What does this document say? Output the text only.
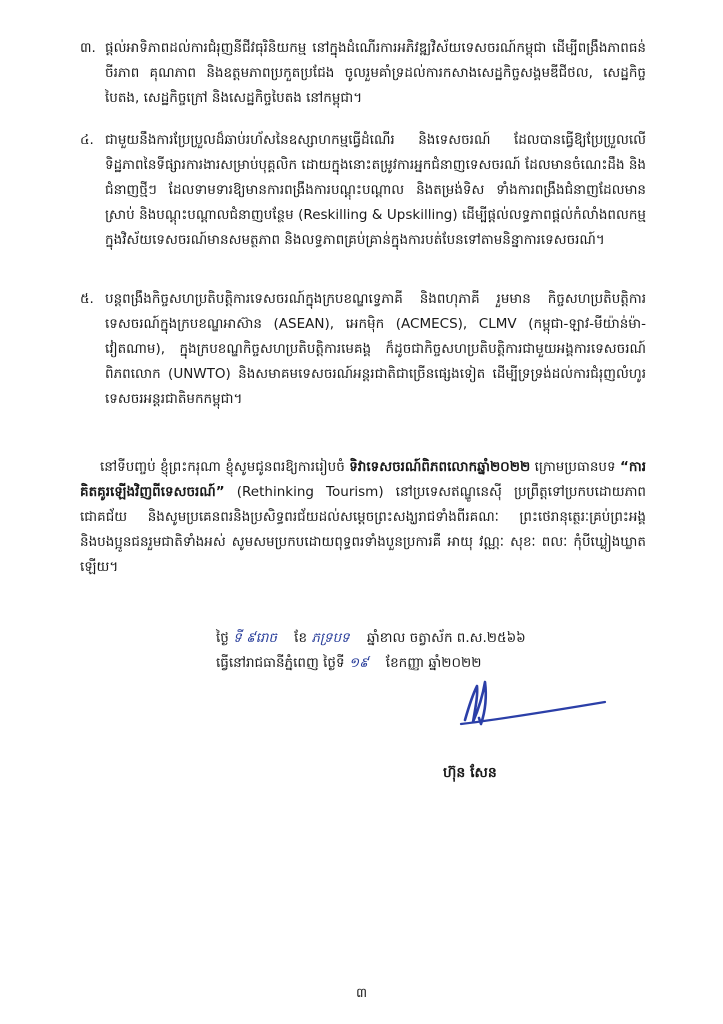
៣. ផ្តល់អាទិភាពដល់ការជំរុញនីជីវធុរិនិយកម្ម នៅក្នុងដំណើរការអភិវឌ្ឍវិស័យទេសចរណ៍កម្ពុជា ដើម្បីពង្រឹងភាពធន់ ចីរភាព គុណភាព និងឧត្តមភាពប្រកួតប្រជែង ចូលរួមគាំទ្រដល់ការកសាងសេដ្ឋកិច្ចសង្គមឌីជីថល, សេដ្ឋកិច្ចបៃតង, សេដ្ឋកិច្ចក្រៅ និងសេដ្ឋកិច្ចបៃតង នៅកម្ពុជា។
៤. ជាមួយនឹងការប្រែប្រួលដ៏ឆាប់រហ័សនៃឧស្សាហកម្មធ្វើដំណើរ និងទេសចរណ៍ ដែលបានធ្វើឱ្យប្រែប្រួលលើទិដ្ឋភាពនៃទីផ្សារការងារសម្រាប់បុគ្គលិក ដោយក្នុងនោះតម្រូវការអ្នកជំនាញទេសចរណ៍ ដែលមានចំណេះដឹង និងជំនាញថ្មីៗ ដែលទាមទារឱ្យមានការពង្រឹងការបណ្តុះបណ្តាល និងតម្រង់ទិស ទាំងការពង្រឹងជំនាញដែលមានស្រាប់ និងបណ្តុះបណ្តាលជំនាញបន្ថែម (Reskilling & Upskilling) ដើម្បីផ្តល់លទ្ធភាពផ្តល់កំលាំងពលកម្មក្នុងវិស័យទេសចរណ៍មានសមត្ថភាព និងលទ្ធភាពគ្រប់គ្រាន់ក្នុងការបត់បែនទៅតាមនិន្នាការទេសចរណ៍។
៥. បន្តពង្រឹងកិច្ចសហប្រតិបត្តិការទេសចរណ៍ក្នុងក្របខណ្ឌទ្វេភាគី និងពហុភាគី រួមមាន កិច្ចសហប្រតិបត្តិការទេសចរណ៍ក្នុងក្របខណ្ឌអាស៊ាន (ASEAN), អេកម៉ិក (ACMECS), CLMV (កម្ពុជា-ឡាវ-មីយ៉ាន់ម៉ា-វៀតណាម), ក្នុងក្របខណ្ឌកិច្ចសហប្រតិបត្តិការមេគង្គ ក៏ដូចជាកិច្ចសហប្រតិបត្តិការជាមួយអង្គការទេសចរណ៍ពិភពលោក (UNWTO) និងសមាគមទេសចរណ៍អន្តរជាតិជាច្រើនផ្សេងទៀត ដើម្បីទ្រទ្រង់ដល់ការជំរុញលំហូរទេសចរអន្តរជាតិមកកម្ពុជា។
នៅទីបញ្ចប់ ខ្ញុំព្រះករុណា ខ្ញុំសូមជូនពរឱ្យការរៀបចំ ទិវាទេសចរណ៍ពិភពលោកឆ្នាំ២០២២ ក្រោមប្រធានបទ “ការគិតគូរឡើងវិញពីទេសចរណ៍” (Rethinking Tourism) នៅប្រទេសឥណ្ឌូនេស៊ី ប្រព្រឹត្តទៅប្រកបដោយភាពជោគជ័យ និងសូមប្រគេនពរនិងប្រសិទ្ធពរជ័យដល់សម្តេចព្រះសង្ឃរាជទាំងពីរគណៈ ព្រះថេរានុត្ថេរៈគ្រប់ព្រះអង្គ និងបងប្អូនជនរួមជាតិទាំងអស់ សូមសមប្រកបដោយពុទ្ធពរទាំងបួនប្រការគឺ អាយុ វណ្ណៈ សុខៈ ពលៈ កុំបីឃ្លៀងឃ្លាតឡើយ។
ថ្ងៃ ទី ៩រោច ខែ ភទ្របទ ឆ្នាំខាល ចត្វាស័ក ព.ស.២៥៦៦
ធ្វើនៅរាជធានីភ្នំពេញ ថ្ងៃទី ១៩ ខែកញ្ញា ឆ្នាំ២០២២
ហ៊ុន សែន
៣
